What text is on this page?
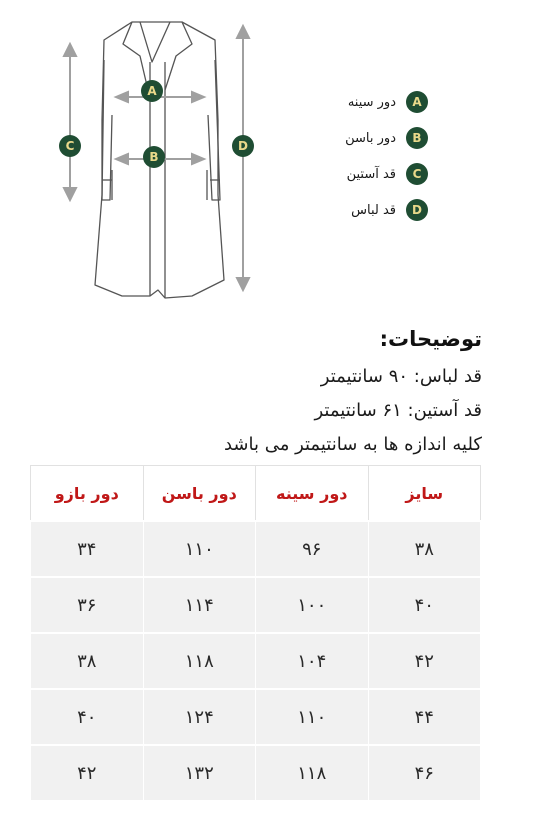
C	D
A
B
دور سینه	A
دور باسن	B
قد آستین	C
قد لباس	D
توضیحات:
قد لباس: ۹۰ سانتیمتر
قد آستین: ۶۱ سانتیمتر
کلیه اندازه ها به سانتیمتر می باشد
سایز	دور سینه	دور باسن	دور بازو
۳۸	۹۶	۱۱۰	۳۴
۴۰	۱۰۰	۱۱۴	۳۶
۴۲	۱۰۴	۱۱۸	۳۸
۴۴	۱۱۰	۱۲۴	۴۰
۴۶	۱۱۸	۱۳۲	۴۲
